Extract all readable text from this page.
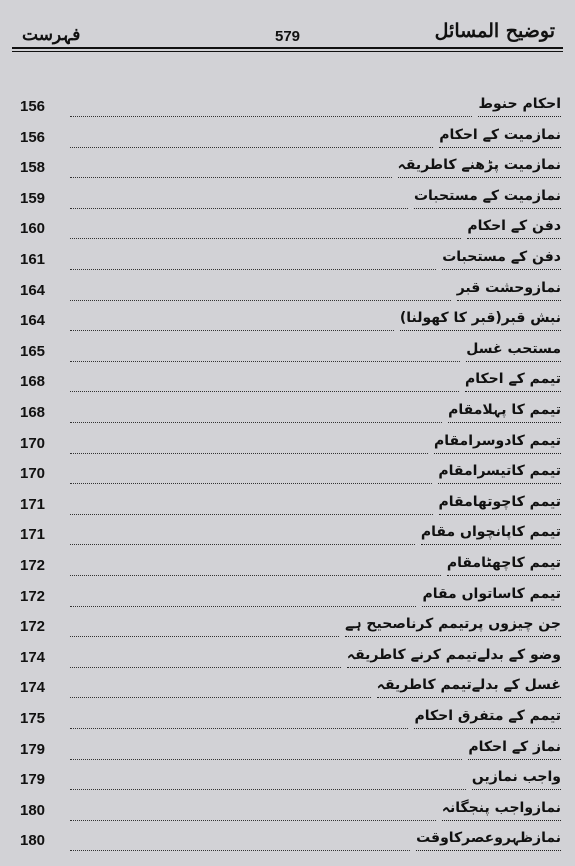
توضیح المسائل
579
فہرست
156	احکام حنوط
156	نمازمیت کے احکام
158	نمازمیت پڑھنے کاطریقہ
159	نمازمیت کے مستحبات
160	دفن کے احکام
161	دفن کے مستحبات
164	نمازوحشت قبر
164	نبش قبر(قبر کا کھولنا)
165	مستحب غسل
168	تیمم کے احکام
168	تیمم کا پہلامقام
170	تیمم کادوسرامقام
170	تیمم کاتیسرامقام
171	تیمم کاچوتھامقام
171	تیمم کاپانچواں مقام
172	تیمم کاچھٹامقام
172	تیمم کاساتواں مقام
172	جن چیزوں پرتیمم کرناصحیح ہے
174	وضو کے بدلےتیمم کرنے کاطریقہ
174	غسل کے بدلےتیمم کاطریقہ
175	تیمم کے متفرق احکام
179	نماز کے احکام
179	واجب نمازیں
180	نمازواجب پنجگانہ
180	نمازظہروعصرکاوقت
